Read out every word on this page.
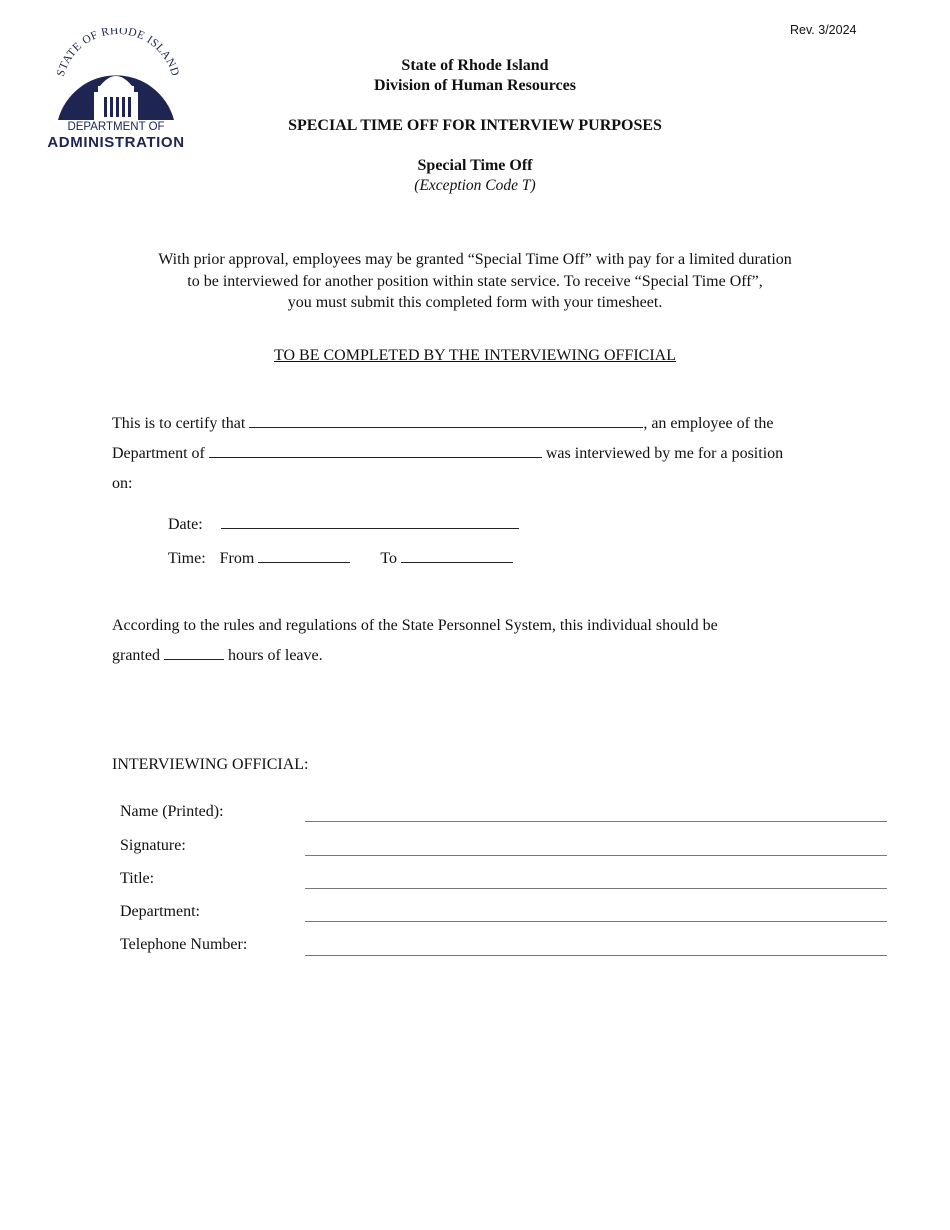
Rev. 3/2024
STATE OF RHODE ISLAND
DEPARTMENT OF
ADMINISTRATION
State of Rhode Island
Division of Human Resources
SPECIAL TIME OFF FOR INTERVIEW PURPOSES
Special Time Off
(Exception Code T)
With prior approval, employees may be granted “Special Time Off” with pay for a limited duration
to be interviewed for another position within state service. To receive “Special Time Off”,
you must submit this completed form with your timesheet.
TO BE COMPLETED BY THE INTERVIEWING OFFICIAL
This is to certify that	, an employee of the
Department of	was interviewed by me for a position
on:
Date:
Time: From	To
According to the rules and regulations of the State Personnel System, this individual should be
granted	hours of leave.
INTERVIEWING OFFICIAL:
Name (Printed):
Signature:
Title:
Department:
Telephone Number:
